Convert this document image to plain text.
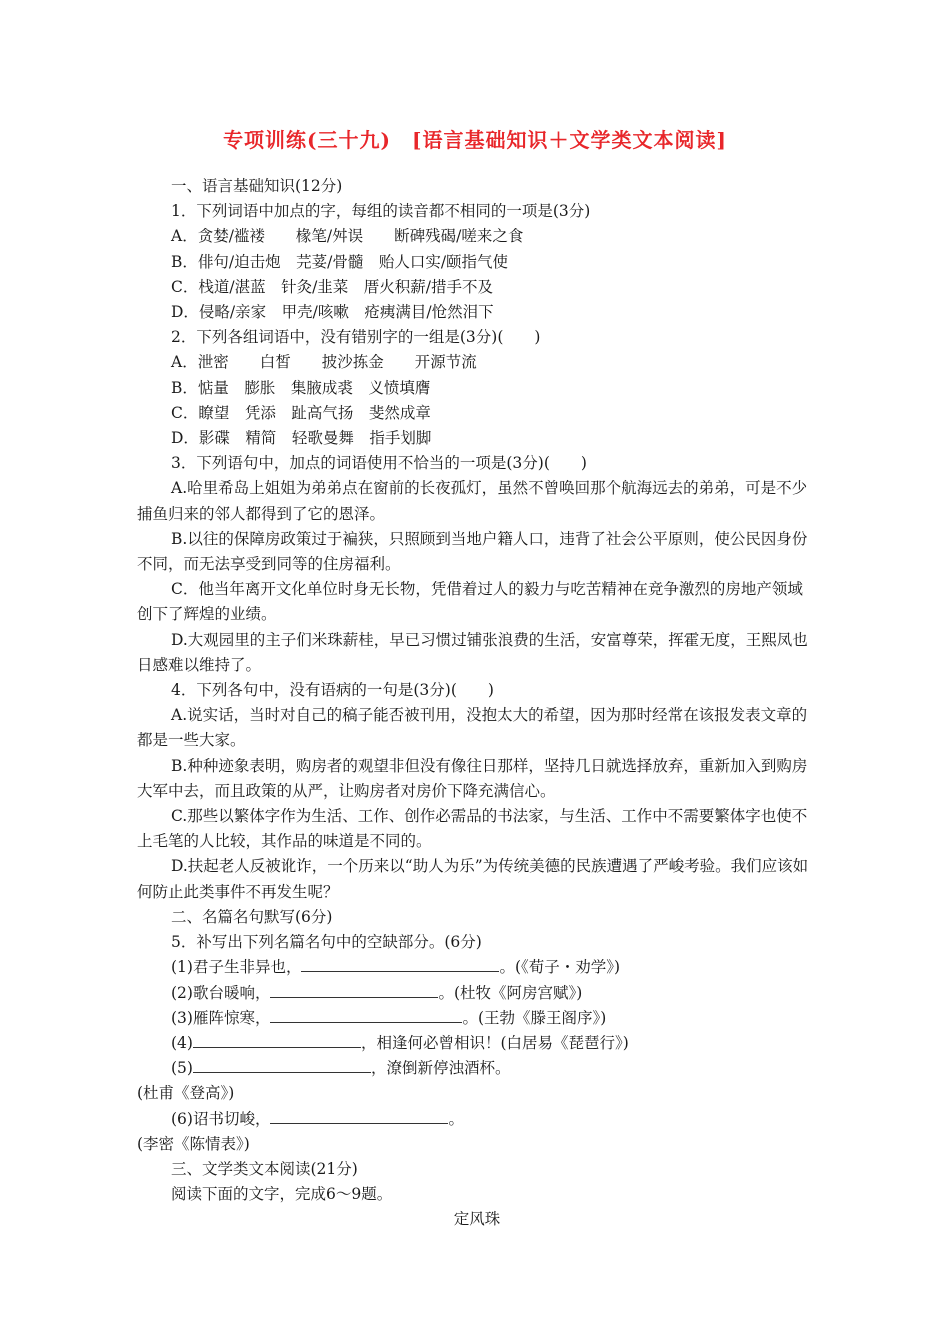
专项训练(三十九)　[语言基础知识＋文学类文本阅读]

一、语言基础知识(12分)

1．下列词语中加点的字，每组的读音都不相同的一项是(3分)

A．贪婪/褴褛　　椽笔/舛误　　断碑残碣/嗟来之食

B．俳句/迫击炮　芫荽/骨髓　贻人口实/颐指气使

C．栈道/湛蓝　针灸/韭菜　厝火积薪/措手不及

D．侵略/亲家　甲壳/咳嗽　疮痍满目/怆然泪下

2．下列各组词语中，没有错别字的一组是(3分)(　　)

A．泄密　　白皙　　披沙拣金　　开源节流

B．惦量　膨胀　集腋成裘　义愤填膺

C．瞭望　凭添　趾高气扬　斐然成章

D．影碟　精简　轻歌曼舞　指手划脚

3．下列语句中，加点的词语使用不恰当的一项是(3分)(　　)

A.哈里希岛上姐姐为弟弟点在窗前的长夜孤灯，虽然不曾唤回那个航海远去的弟弟，可是不少捕鱼归来的邻人都得到了它的恩泽。

B.以往的保障房政策过于褊狭，只照顾到当地户籍人口，违背了社会公平原则，使公民因身份不同，而无法享受到同等的住房福利。

C．他当年离开文化单位时身无长物，凭借着过人的毅力与吃苦精神在竞争激烈的房地产领域创下了辉煌的业绩。

D.大观园里的主子们米珠薪桂，早已习惯过铺张浪费的生活，安富尊荣，挥霍无度，王熙凤也日感难以维持了。

4．下列各句中，没有语病的一句是(3分)(　　)

A.说实话，当时对自己的稿子能否被刊用，没抱太大的希望，因为那时经常在该报发表文章的都是一些大家。

B.种种迹象表明，购房者的观望非但没有像往日那样，坚持几日就选择放弃，重新加入到购房大军中去，而且政策的从严，让购房者对房价下降充满信心。

C.那些以繁体字作为生活、工作、创作必需品的书法家，与生活、工作中不需要繁体字也使不上毛笔的人比较，其作品的味道是不同的。

D.扶起老人反被讹诈，一个历来以“助人为乐”为传统美德的民族遭遇了严峻考验。我们应该如何防止此类事件不再发生呢？

二、名篇名句默写(6分)

5．补写出下列名篇名句中的空缺部分。(6分)

(1)君子生非异也，	。(《荀子・劝学》)

(2)歌台暖响，	。(杜牧《阿房宫赋》)

(3)雁阵惊寒，	。(王勃《滕王阁序》)

(4)	，相逢何必曾相识！(白居易《琵琶行》)

(5)	，潦倒新停浊酒杯。

(杜甫《登高》)

(6)诏书切峻，	。

(李密《陈情表》)

三、文学类文本阅读(21分)

阅读下面的文字，完成6～9题。

定风珠
